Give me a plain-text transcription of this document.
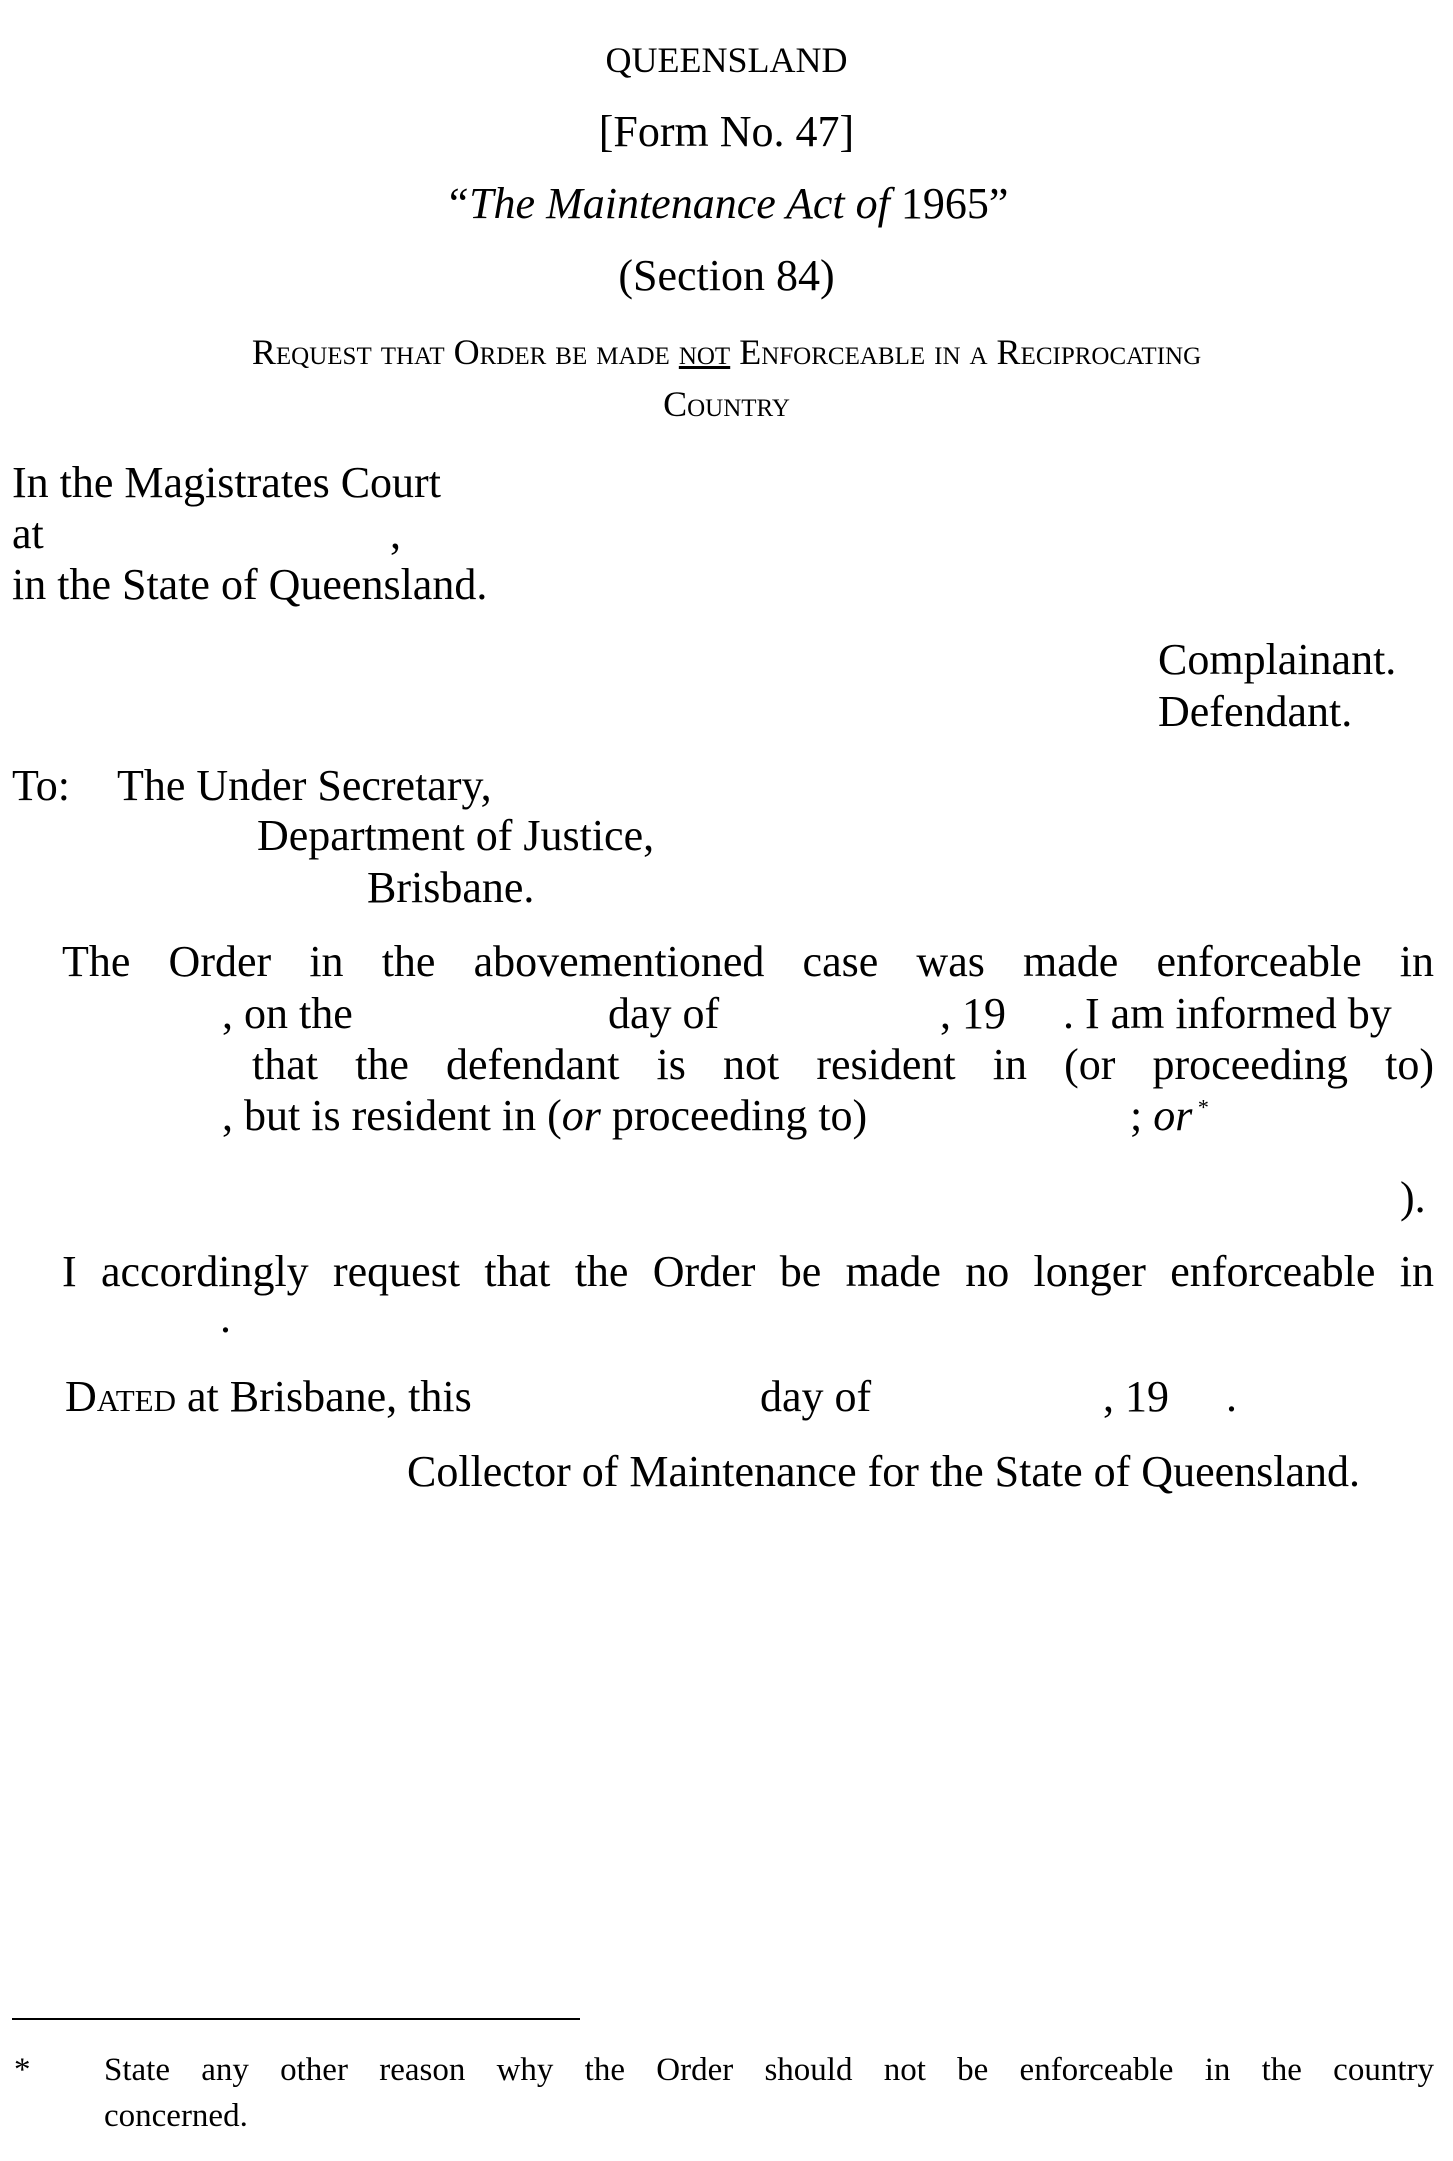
QUEENSLAND
[Form No. 47]
“The Maintenance Act of 1965”
(Section 84)
Request that Order be made not Enforceable in a Reciprocating
Country
In the Magistrates Court
at	,
in the State of Queensland.
Complainant.
Defendant.
To: The Under Secretary,
Department of Justice,
Brisbane.
The Order in the abovementioned case was made enforceable in
, on the	day of	, 19 . I am informed by
that the defendant is not resident in (or proceeding to)
, but is resident in (or proceeding to)	; or *
).
I accordingly request that the Order be made no longer enforceable in
.
Dated at Brisbane, this	day of	, 19 .
Collector of Maintenance for the State of Queensland.
* State any other reason why the Order should not be enforceable in the country
concerned.
